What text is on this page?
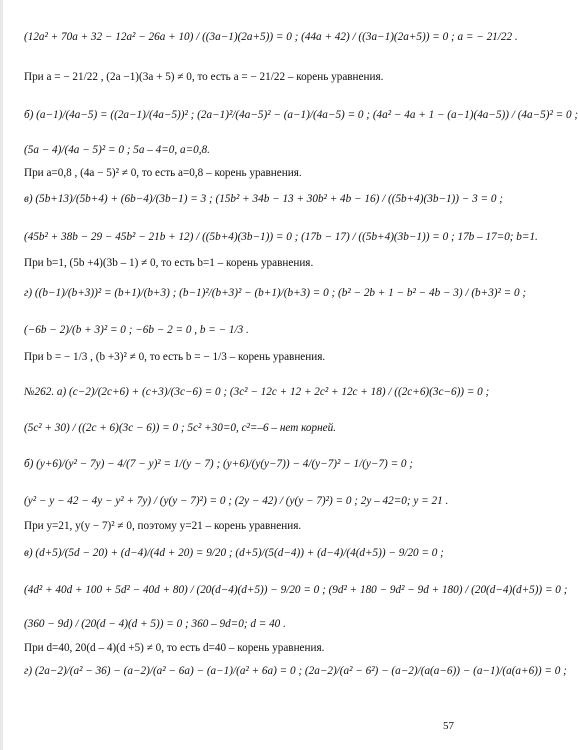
(12a² + 70a + 32 − 12a² − 26a + 10) / ((3a−1)(2a+5)) = 0 ; (44a + 42) / ((3a−1)(2a+5)) = 0 ; a = − 21/22 .
При a = − 21/22 , (2a −1)(3a + 5) ≠ 0, то есть a = − 21/22 – корень уравнения.
б) (a−1)/(4a−5) = ((2a−1)/(4a−5))² ; (2a−1)²/(4a−5)² − (a−1)/(4a−5) = 0 ; (4a² − 4a + 1 − (a−1)(4a−5)) / (4a−5)² = 0 ;
(5a − 4)/(4a − 5)² = 0 ; 5a – 4=0, a=0,8.
При a=0,8 , (4a − 5)² ≠ 0, то есть a=0,8 – корень уравнения.
в) (5b+13)/(5b+4) + (6b−4)/(3b−1) = 3 ; (15b² + 34b − 13 + 30b² + 4b − 16) / ((5b+4)(3b−1)) − 3 = 0 ;
(45b² + 38b − 29 − 45b² − 21b + 12) / ((5b+4)(3b−1)) = 0 ; (17b − 17) / ((5b+4)(3b−1)) = 0 ; 17b – 17=0; b=1.
При b=1, (5b +4)(3b – 1) ≠ 0, то есть b=1 – корень уравнения.
г) ((b−1)/(b+3))² = (b+1)/(b+3) ; (b−1)²/(b+3)² − (b+1)/(b+3) = 0 ; (b² − 2b + 1 − b² − 4b − 3) / (b+3)² = 0 ;
(−6b − 2)/(b + 3)² = 0 ; −6b − 2 = 0 , b = − 1/3 .
При b = − 1/3 , (b +3)² ≠ 0, то есть b = − 1/3 – корень уравнения.
№262. а) (c−2)/(2c+6) + (c+3)/(3c−6) = 0 ; (3c² − 12c + 12 + 2c² + 12c + 18) / ((2c+6)(3c−6)) = 0 ;
(5c² + 30) / ((2c + 6)(3c − 6)) = 0 ; 5c² +30=0, c²=–6 – нет корней.
б) (y+6)/(y² − 7y) − 4/(7 − y)² = 1/(y − 7) ; (y+6)/(y(y−7)) − 4/(y−7)² − 1/(y−7) = 0 ;
(y² − y − 42 − 4y − y² + 7y) / (y(y − 7)²) = 0 ; (2y − 42) / (y(y − 7)²) = 0 ; 2y – 42=0; y = 21 .
При y=21, y(y − 7)² ≠ 0, поэтому y=21 – корень уравнения.
в) (d+5)/(5d − 20) + (d−4)/(4d + 20) = 9/20 ; (d+5)/(5(d−4)) + (d−4)/(4(d+5)) − 9/20 = 0 ;
(4d² + 40d + 100 + 5d² − 40d + 80) / (20(d−4)(d+5)) − 9/20 = 0 ; (9d² + 180 − 9d² − 9d + 180) / (20(d−4)(d+5)) = 0 ;
(360 − 9d) / (20(d − 4)(d + 5)) = 0 ; 360 – 9d=0; d = 40 .
При d=40, 20(d – 4)(d +5) ≠ 0, то есть d=40 – корень уравнения.
г) (2a−2)/(a² − 36) − (a−2)/(a² − 6a) − (a−1)/(a² + 6a) = 0 ; (2a−2)/(a² − 6²) − (a−2)/(a(a−6)) − (a−1)/(a(a+6)) = 0 ;
57
